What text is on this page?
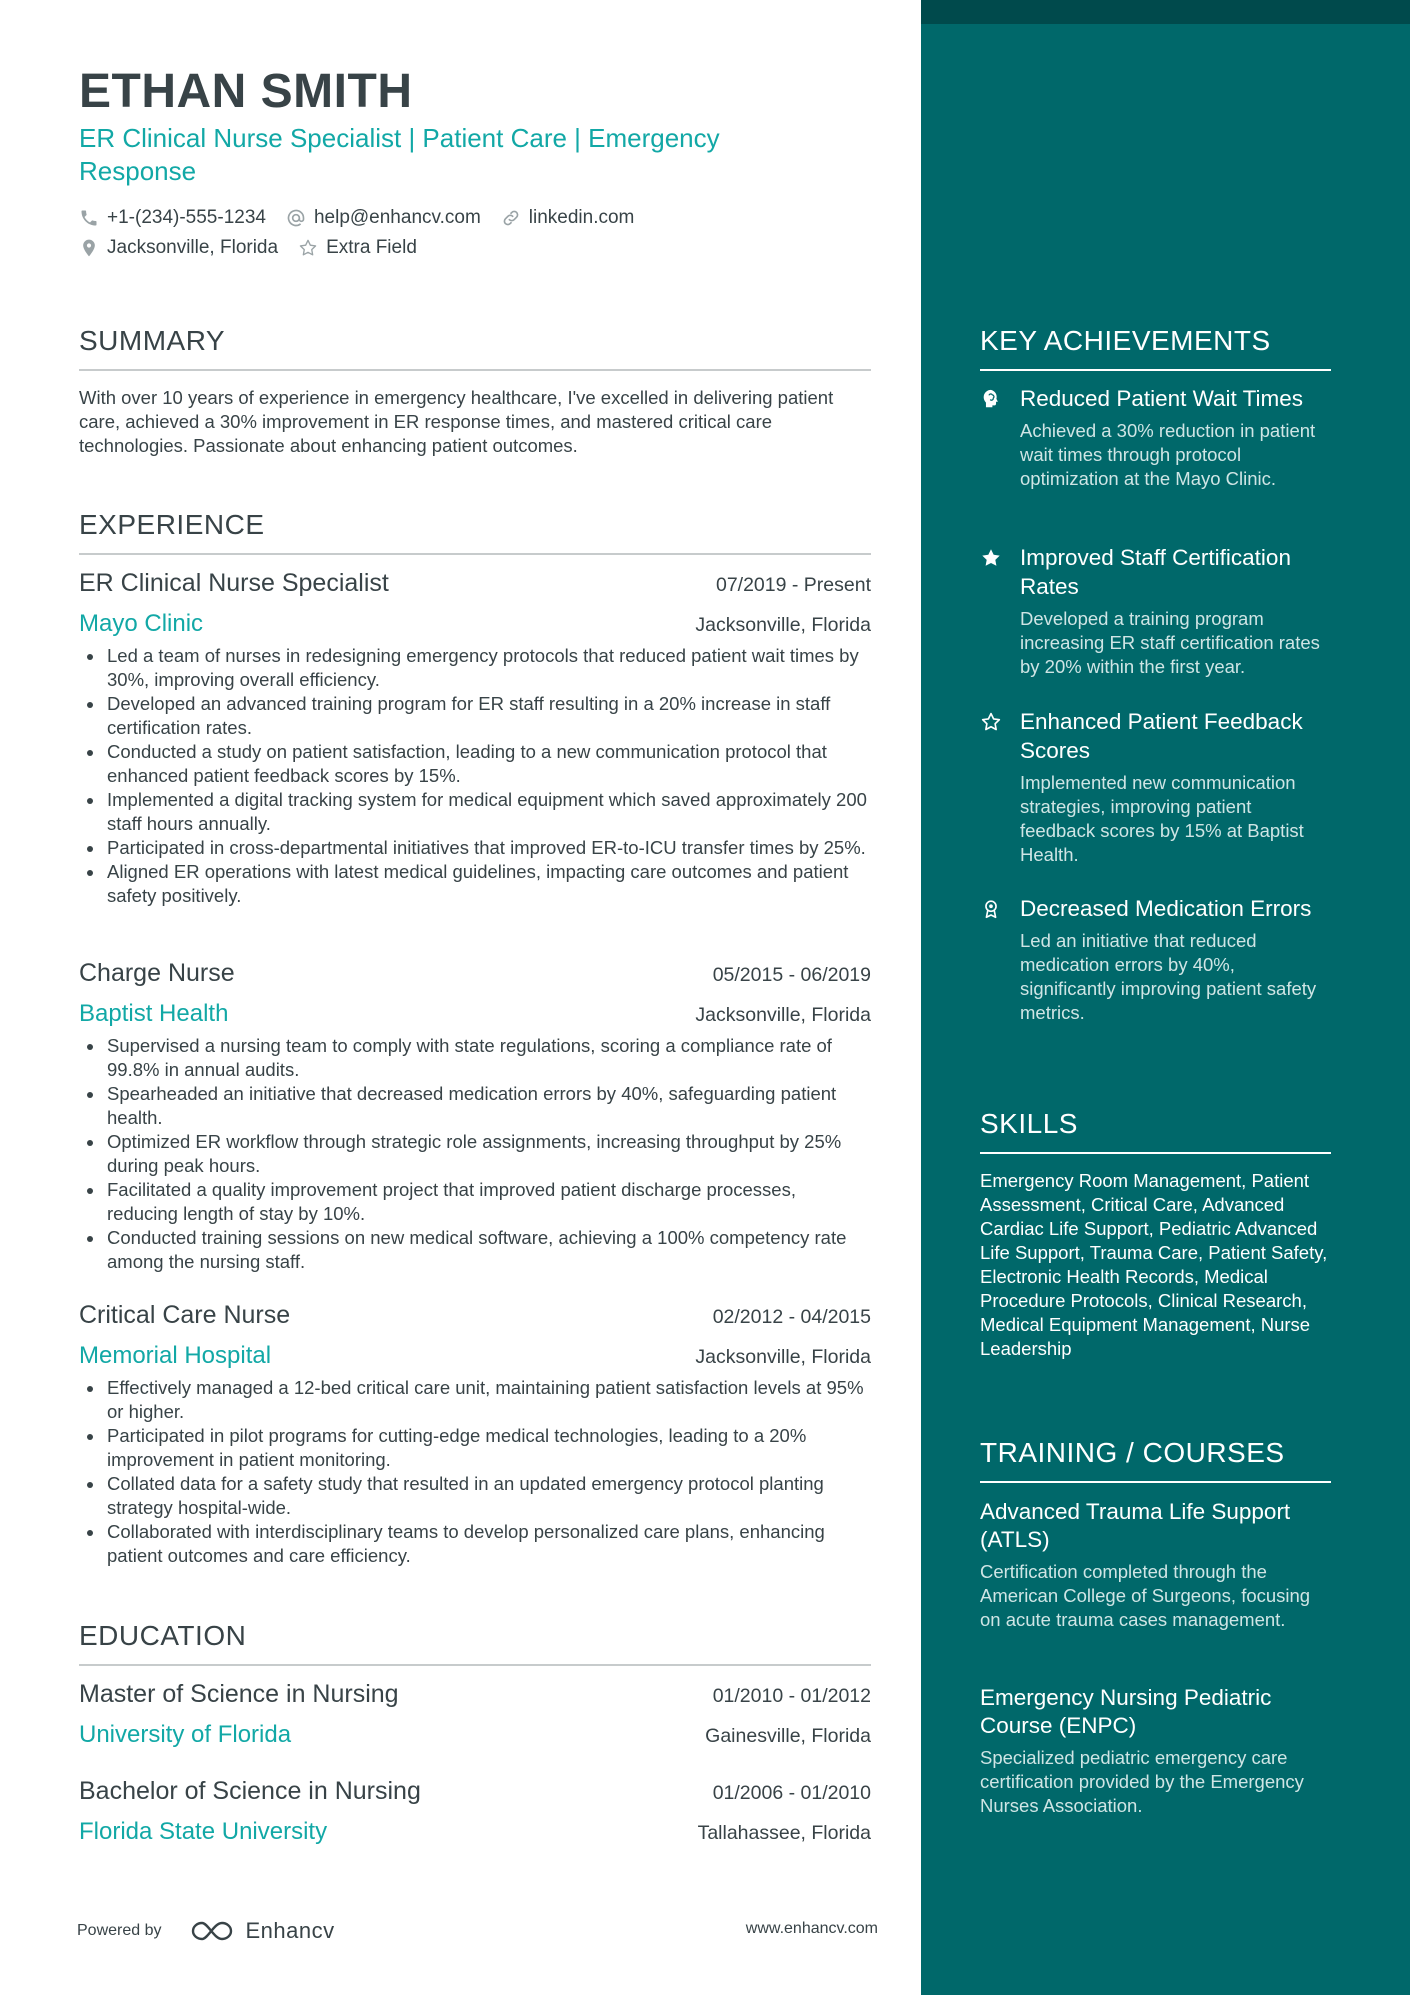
ETHAN SMITH
ER Clinical Nurse Specialist | Patient Care | Emergency Response
+1-(234)-555-1234	help@enhancv.com	linkedin.com
Jacksonville, Florida	Extra Field
SUMMARY
With over 10 years of experience in emergency healthcare, I've excelled in delivering patient care, achieved a 30% improvement in ER response times, and mastered critical care technologies. Passionate about enhancing patient outcomes.
EXPERIENCE
ER Clinical Nurse Specialist	07/2019 - Present
Mayo Clinic	Jacksonville, Florida
Led a team of nurses in redesigning emergency protocols that reduced patient wait times by 30%, improving overall efficiency.
Developed an advanced training program for ER staff resulting in a 20% increase in staff certification rates.
Conducted a study on patient satisfaction, leading to a new communication protocol that enhanced patient feedback scores by 15%.
Implemented a digital tracking system for medical equipment which saved approximately 200 staff hours annually.
Participated in cross-departmental initiatives that improved ER-to-ICU transfer times by 25%.
Aligned ER operations with latest medical guidelines, impacting care outcomes and patient safety positively.
Charge Nurse	05/2015 - 06/2019
Baptist Health	Jacksonville, Florida
Supervised a nursing team to comply with state regulations, scoring a compliance rate of 99.8% in annual audits.
Spearheaded an initiative that decreased medication errors by 40%, safeguarding patient health.
Optimized ER workflow through strategic role assignments, increasing throughput by 25% during peak hours.
Facilitated a quality improvement project that improved patient discharge processes, reducing length of stay by 10%.
Conducted training sessions on new medical software, achieving a 100% competency rate among the nursing staff.
Critical Care Nurse	02/2012 - 04/2015
Memorial Hospital	Jacksonville, Florida
Effectively managed a 12-bed critical care unit, maintaining patient satisfaction levels at 95% or higher.
Participated in pilot programs for cutting-edge medical technologies, leading to a 20% improvement in patient monitoring.
Collated data for a safety study that resulted in an updated emergency protocol planting strategy hospital-wide.
Collaborated with interdisciplinary teams to develop personalized care plans, enhancing patient outcomes and care efficiency.
EDUCATION
Master of Science in Nursing	01/2010 - 01/2012
University of Florida	Gainesville, Florida
Bachelor of Science in Nursing	01/2006 - 01/2010
Florida State University	Tallahassee, Florida
KEY ACHIEVEMENTS
Reduced Patient Wait Times
Achieved a 30% reduction in patient wait times through protocol optimization at the Mayo Clinic.
Improved Staff Certification Rates
Developed a training program increasing ER staff certification rates by 20% within the first year.
Enhanced Patient Feedback Scores
Implemented new communication strategies, improving patient feedback scores by 15% at Baptist Health.
Decreased Medication Errors
Led an initiative that reduced medication errors by 40%, significantly improving patient safety metrics.
SKILLS
Emergency Room Management, Patient Assessment, Critical Care, Advanced Cardiac Life Support, Pediatric Advanced Life Support, Trauma Care, Patient Safety, Electronic Health Records, Medical Procedure Protocols, Clinical Research, Medical Equipment Management, Nurse Leadership
TRAINING / COURSES
Advanced Trauma Life Support (ATLS)
Certification completed through the American College of Surgeons, focusing on acute trauma cases management.
Emergency Nursing Pediatric Course (ENPC)
Specialized pediatric emergency care certification provided by the Emergency Nurses Association.
Powered by	Enhancv	www.enhancv.com
